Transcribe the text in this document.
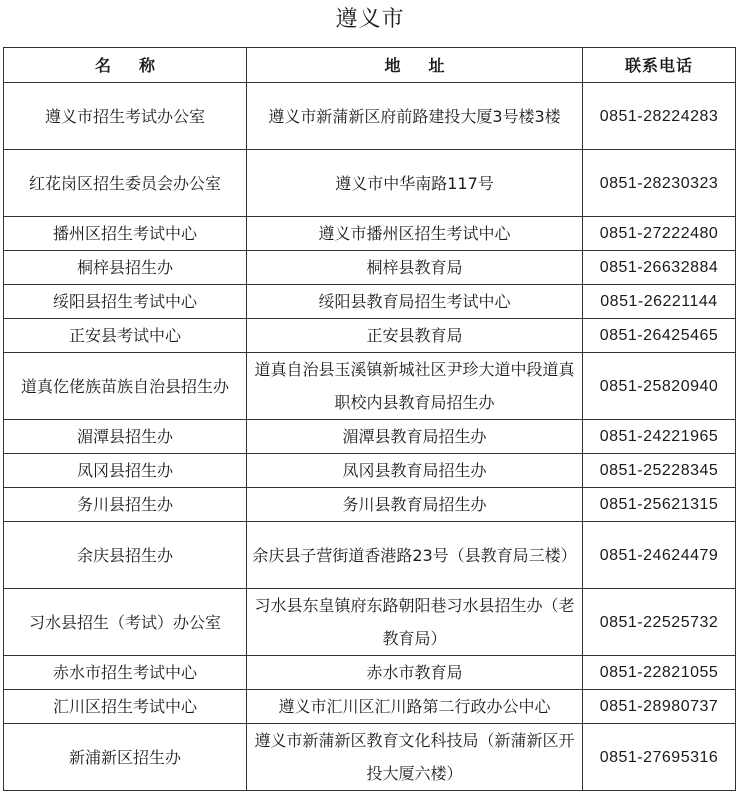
遵义市
名称	地址	联系电话
遵义市招生考试办公室	遵义市新蒲新区府前路建投大厦3号楼3楼	0851-28224283
红花岗区招生委员会办公室	遵义市中华南路117号	0851-28230323
播州区招生考试中心	遵义市播州区招生考试中心	0851-27222480
桐梓县招生办	桐梓县教育局	0851-26632884
绥阳县招生考试中心	绥阳县教育局招生考试中心	0851-26221144
正安县考试中心	正安县教育局	0851-26425465
道真仡佬族苗族自治县招生办	道真自治县玉溪镇新城社区尹珍大道中段道真职校内县教育局招生办	0851-25820940
湄潭县招生办	湄潭县教育局招生办	0851-24221965
凤冈县招生办	凤冈县教育局招生办	0851-25228345
务川县招生办	务川县教育局招生办	0851-25621315
余庆县招生办	余庆县子营街道香港路23号（县教育局三楼）	0851-24624479
习水县招生（考试）办公室	习水县东皇镇府东路朝阳巷习水县招生办（老教育局）	0851-22525732
赤水市招生考试中心	赤水市教育局	0851-22821055
汇川区招生考试中心	遵义市汇川区汇川路第二行政办公中心	0851-28980737
新浦新区招生办	遵义市新蒲新区教育文化科技局（新蒲新区开投大厦六楼）	0851-27695316
